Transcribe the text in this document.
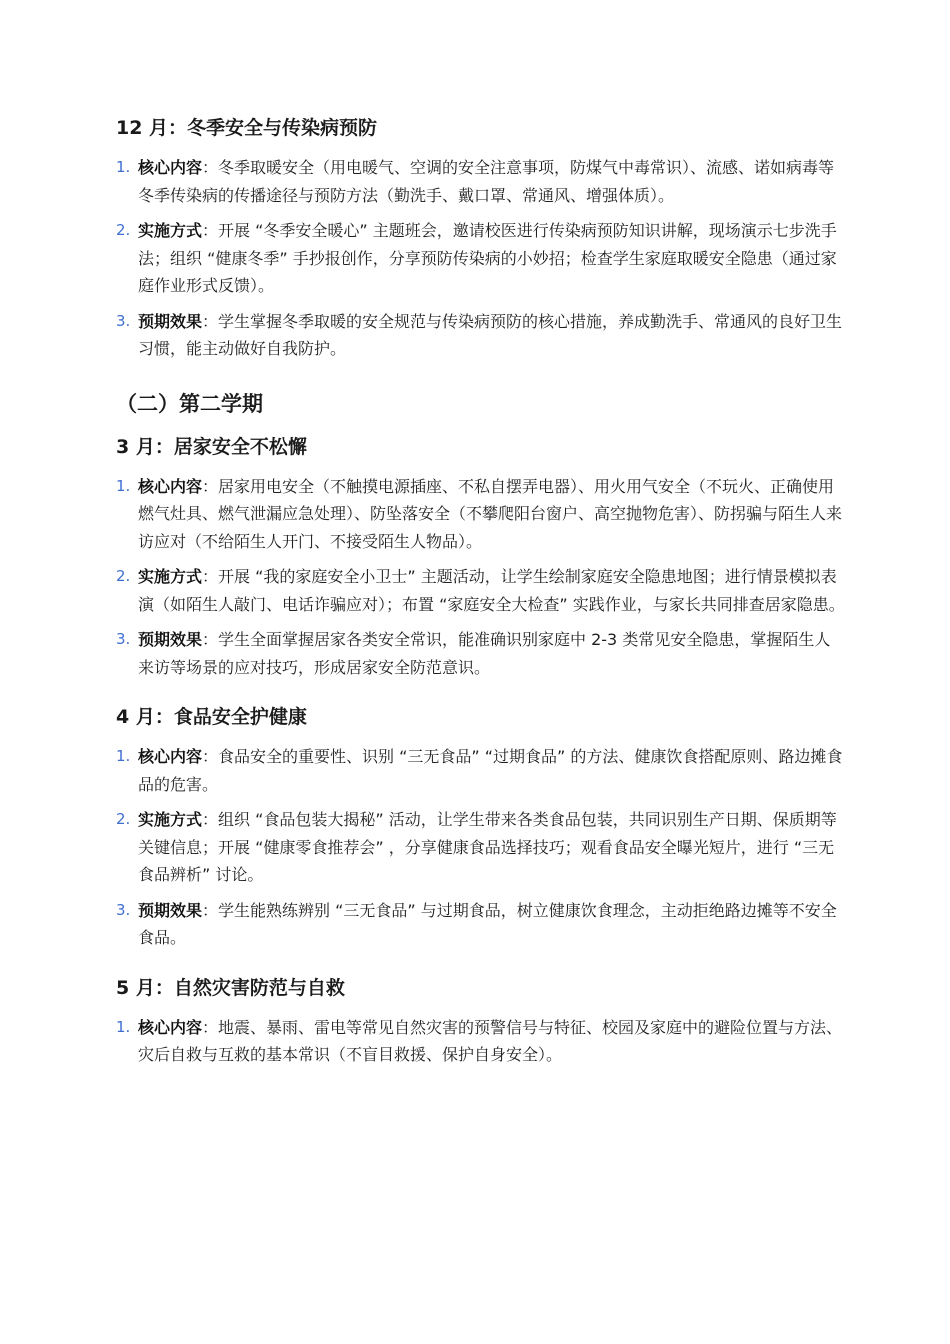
12 月：冬季安全与传染病预防
1. 核心内容：冬季取暖安全（用电暖气、空调的安全注意事项，防煤气中毒常识）、流感、诺如病毒等冬季传染病的传播途径与预防方法（勤洗手、戴口罩、常通风、增强体质）。
2. 实施方式：开展 “冬季安全暖心” 主题班会，邀请校医进行传染病预防知识讲解，现场演示七步洗手法；组织 “健康冬季” 手抄报创作，分享预防传染病的小妙招；检查学生家庭取暖安全隐患（通过家庭作业形式反馈）。
3. 预期效果：学生掌握冬季取暖的安全规范与传染病预防的核心措施，养成勤洗手、常通风的良好卫生习惯，能主动做好自我防护。
（二）第二学期
3 月：居家安全不松懈
1. 核心内容：居家用电安全（不触摸电源插座、不私自摆弄电器）、用火用气安全（不玩火、正确使用燃气灶具、燃气泄漏应急处理）、防坠落安全（不攀爬阳台窗户、高空抛物危害）、防拐骗与陌生人来访应对（不给陌生人开门、不接受陌生人物品）。
2. 实施方式：开展 “我的家庭安全小卫士” 主题活动，让学生绘制家庭安全隐患地图；进行情景模拟表演（如陌生人敲门、电话诈骗应对）；布置 “家庭安全大检查” 实践作业，与家长共同排查居家隐患。
3. 预期效果：学生全面掌握居家各类安全常识，能准确识别家庭中 2-3 类常见安全隐患，掌握陌生人来访等场景的应对技巧，形成居家安全防范意识。
4 月：食品安全护健康
1. 核心内容：食品安全的重要性、识别 “三无食品” “过期食品” 的方法、健康饮食搭配原则、路边摊食品的危害。
2. 实施方式：组织 “食品包装大揭秘” 活动，让学生带来各类食品包装，共同识别生产日期、保质期等关键信息；开展 “健康零食推荐会” ，分享健康食品选择技巧；观看食品安全曝光短片，进行 “三无食品辨析” 讨论。
3. 预期效果：学生能熟练辨别 “三无食品” 与过期食品，树立健康饮食理念，主动拒绝路边摊等不安全食品。
5 月：自然灾害防范与自救
1. 核心内容：地震、暴雨、雷电等常见自然灾害的预警信号与特征、校园及家庭中的避险位置与方法、灾后自救与互救的基本常识（不盲目救援、保护自身安全）。
